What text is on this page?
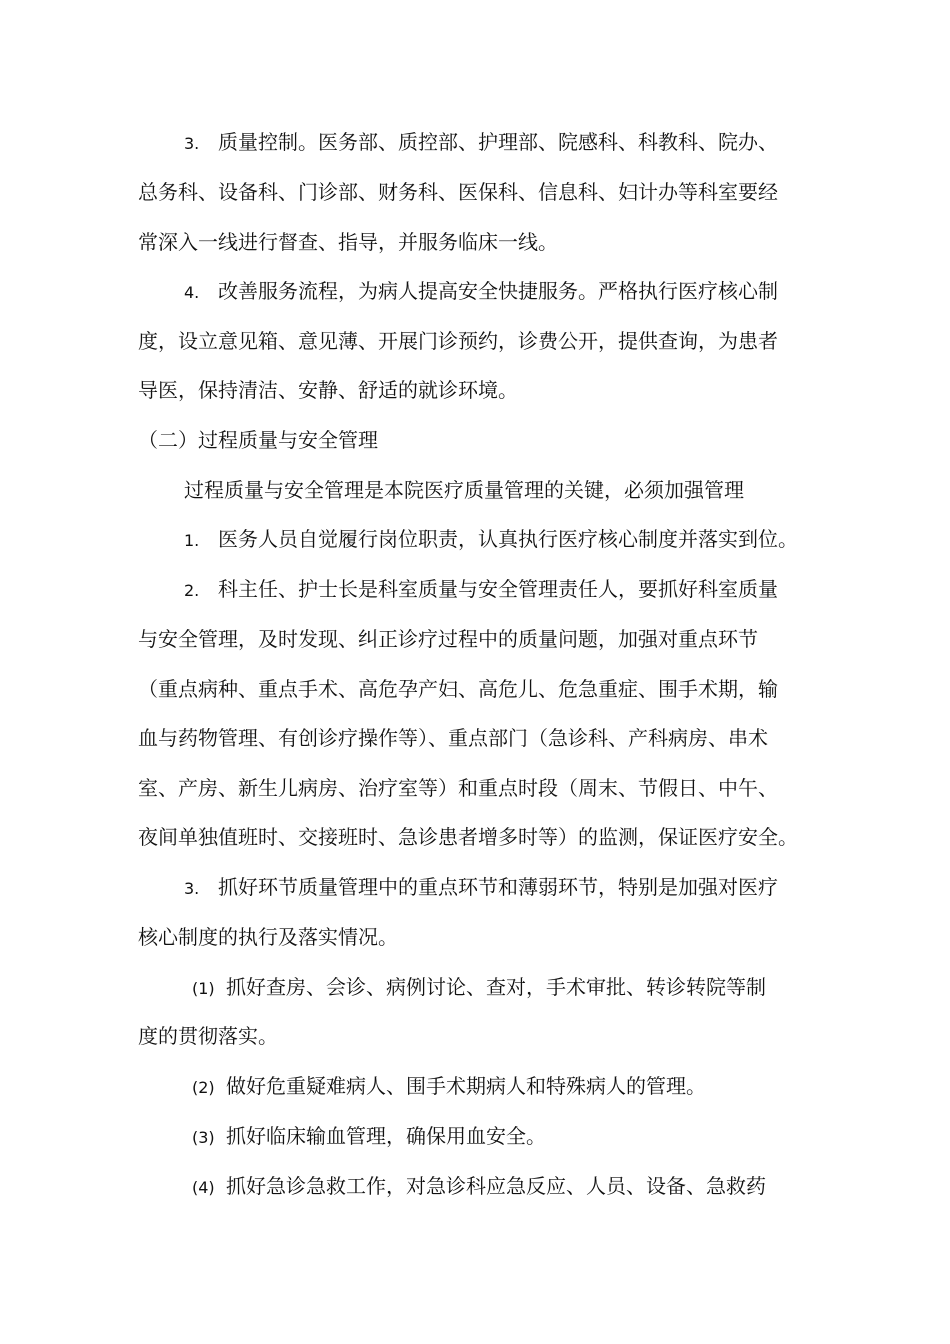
3. 质量控制。医务部、质控部、护理部、院感科、科教科、院办、
总务科、设备科、门诊部、财务科、医保科、信息科、妇计办等科室要经
常深入一线进行督查、指导，并服务临床一线。
4. 改善服务流程，为病人提高安全快捷服务。严格执行医疗核心制
度，设立意见箱、意见薄、开展门诊预约，诊费公开，提供查询，为患者
导医，保持清洁、安静、舒适的就诊环境。
（二）过程质量与安全管理
过程质量与安全管理是本院医疗质量管理的关键，必须加强管理
1. 医务人员自觉履行岗位职责，认真执行医疗核心制度并落实到位。
2. 科主任、护士长是科室质量与安全管理责任人，要抓好科室质量
与安全管理，及时发现、纠正诊疗过程中的质量问题，加强对重点环节
（重点病种、重点手术、高危孕产妇、高危儿、危急重症、围手术期，输
血与药物管理、有创诊疗操作等）、重点部门（急诊科、产科病房、串术
室、产房、新生儿病房、治疗室等）和重点时段（周末、节假日、中午、
夜间单独值班时、交接班时、急诊患者增多时等）的监测，保证医疗安全。
3. 抓好环节质量管理中的重点环节和薄弱环节，特别是加强对医疗
核心制度的执行及落实情况。
(1) 抓好查房、会诊、病例讨论、查对，手术审批、转诊转院等制
度的贯彻落实。
(2) 做好危重疑难病人、围手术期病人和特殊病人的管理。
(3) 抓好临床输血管理，确保用血安全。
(4) 抓好急诊急救工作，对急诊科应急反应、人员、设备、急救药
